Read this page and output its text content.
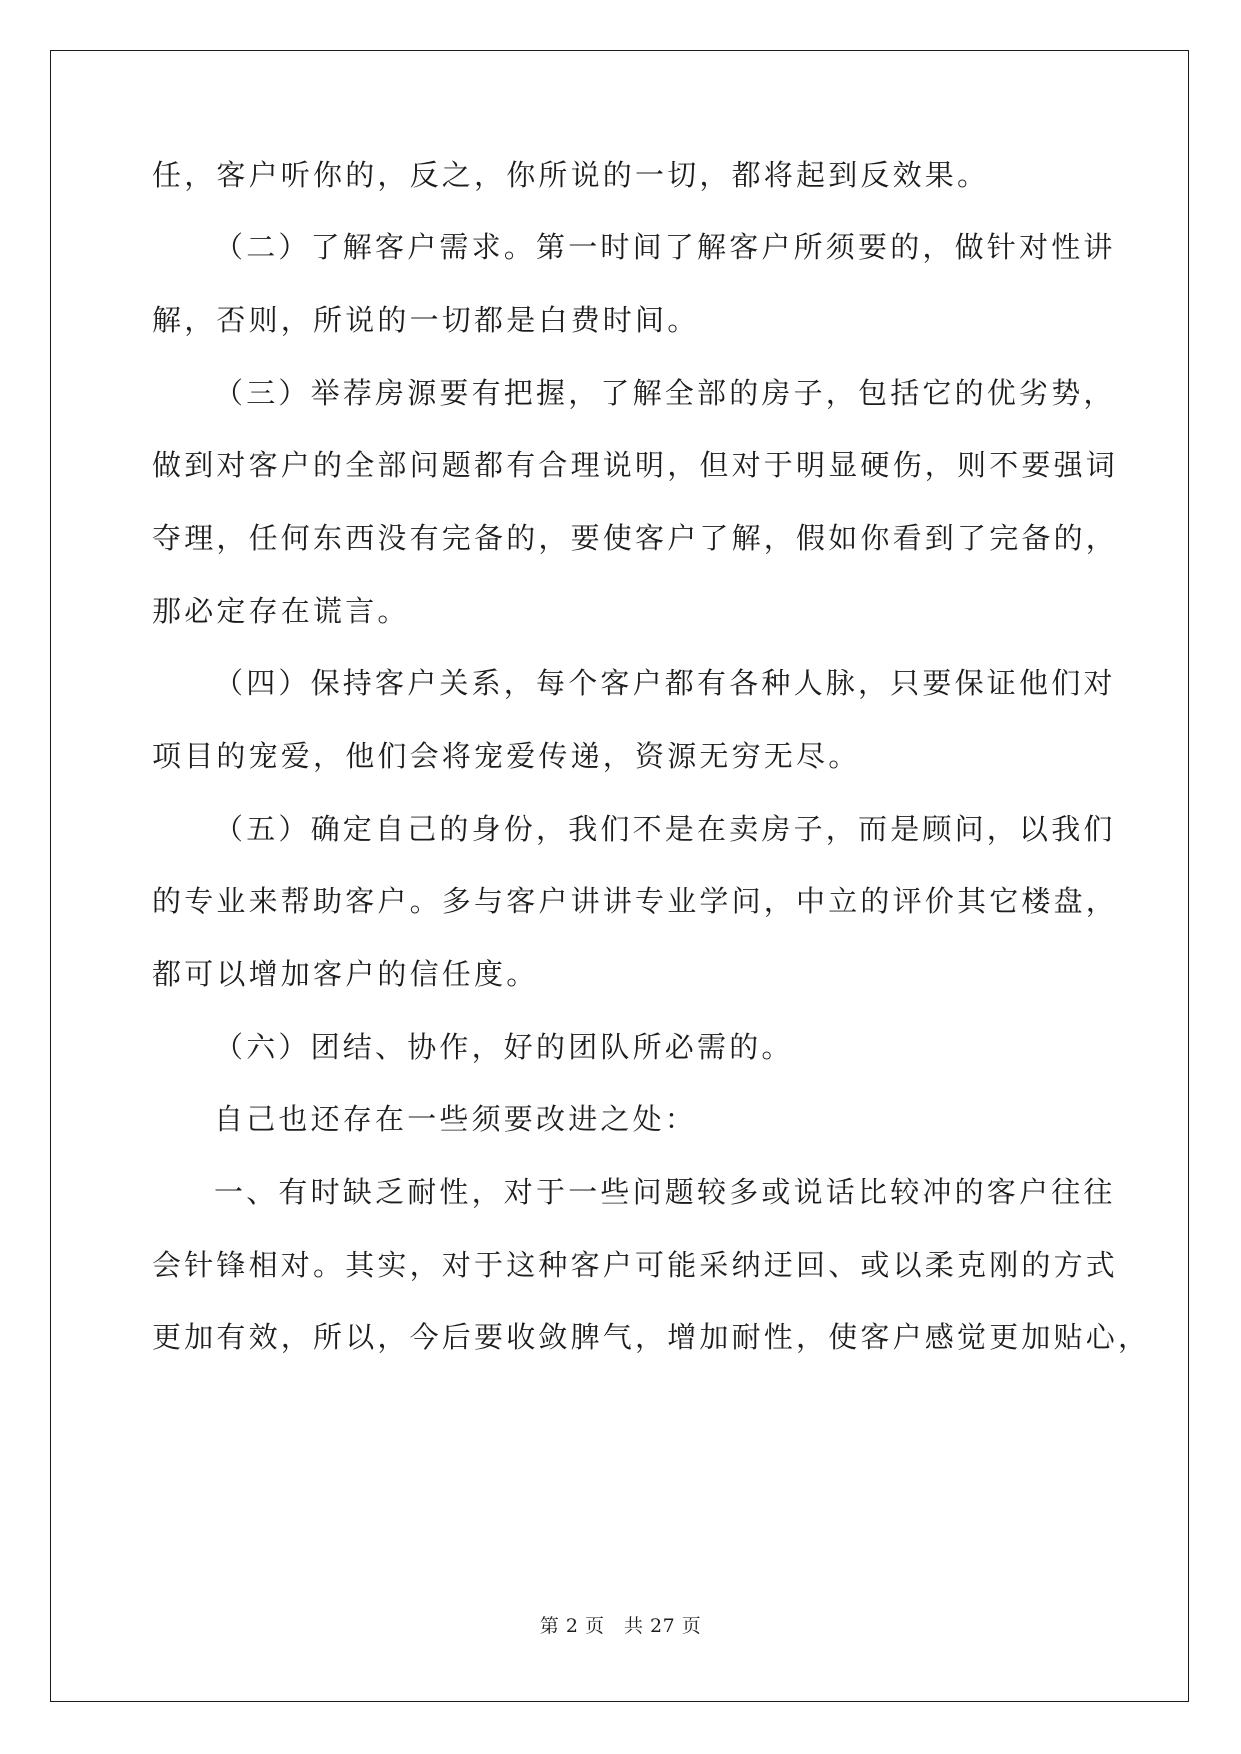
任，客户听你的，反之，你所说的一切，都将起到反效果。
（二）了解客户需求。第一时间了解客户所须要的，做针对性讲
解，否则，所说的一切都是白费时间。
（三）举荐房源要有把握，了解全部的房子，包括它的优劣势，
做到对客户的全部问题都有合理说明，但对于明显硬伤，则不要强词
夺理，任何东西没有完备的，要使客户了解，假如你看到了完备的，
那必定存在谎言。
（四）保持客户关系，每个客户都有各种人脉，只要保证他们对
项目的宠爱，他们会将宠爱传递，资源无穷无尽。
（五）确定自己的身份，我们不是在卖房子，而是顾问，以我们
的专业来帮助客户。多与客户讲讲专业学问，中立的评价其它楼盘，
都可以增加客户的信任度。
（六）团结、协作，好的团队所必需的。
自己也还存在一些须要改进之处：
一、有时缺乏耐性，对于一些问题较多或说话比较冲的客户往往
会针锋相对。其实，对于这种客户可能采纳迂回、或以柔克刚的方式
更加有效，所以，今后要收敛脾气，增加耐性，使客户感觉更加贴心，
第 2 页　共 27 页
